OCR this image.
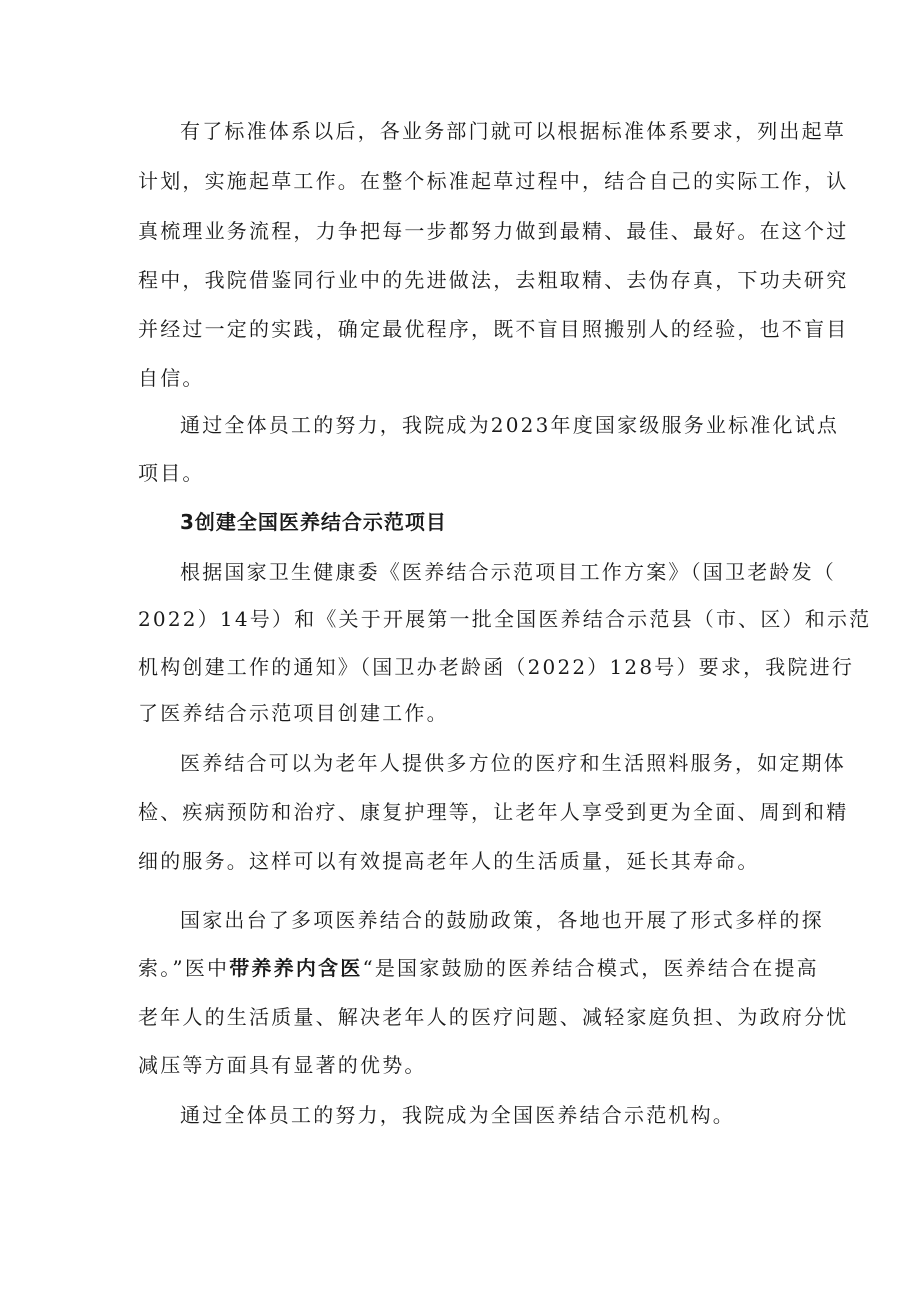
有了标准体系以后，各业务部门就可以根据标准体系要求，列出起草
计划，实施起草工作。在整个标准起草过程中，结合自己的实际工作，认
真梳理业务流程，力争把每一步都努力做到最精、最佳、最好。在这个过
程中，我院借鉴同行业中的先进做法，去粗取精、去伪存真，下功夫研究
并经过一定的实践，确定最优程序，既不盲目照搬别人的经验，也不盲目
自信。
通过全体员工的努力，我院成为2023年度国家级服务业标准化试点
项目。
3创建全国医养结合示范项目
根据国家卫生健康委《医养结合示范项目工作方案》（国卫老龄发（
2022）14号）和《关于开展第一批全国医养结合示范县（市、区）和示范
机构创建工作的通知》（国卫办老龄函（2022）128号）要求，我院进行
了医养结合示范项目创建工作。
医养结合可以为老年人提供多方位的医疗和生活照料服务，如定期体
检、疾病预防和治疗、康复护理等，让老年人享受到更为全面、周到和精
细的服务。这样可以有效提高老年人的生活质量，延长其寿命。
国家出台了多项医养结合的鼓励政策，各地也开展了形式多样的探
索。”医中带养养内含医“是国家鼓励的医养结合模式，医养结合在提高
老年人的生活质量、解决老年人的医疗问题、减轻家庭负担、为政府分忧
减压等方面具有显著的优势。
通过全体员工的努力，我院成为全国医养结合示范机构。
